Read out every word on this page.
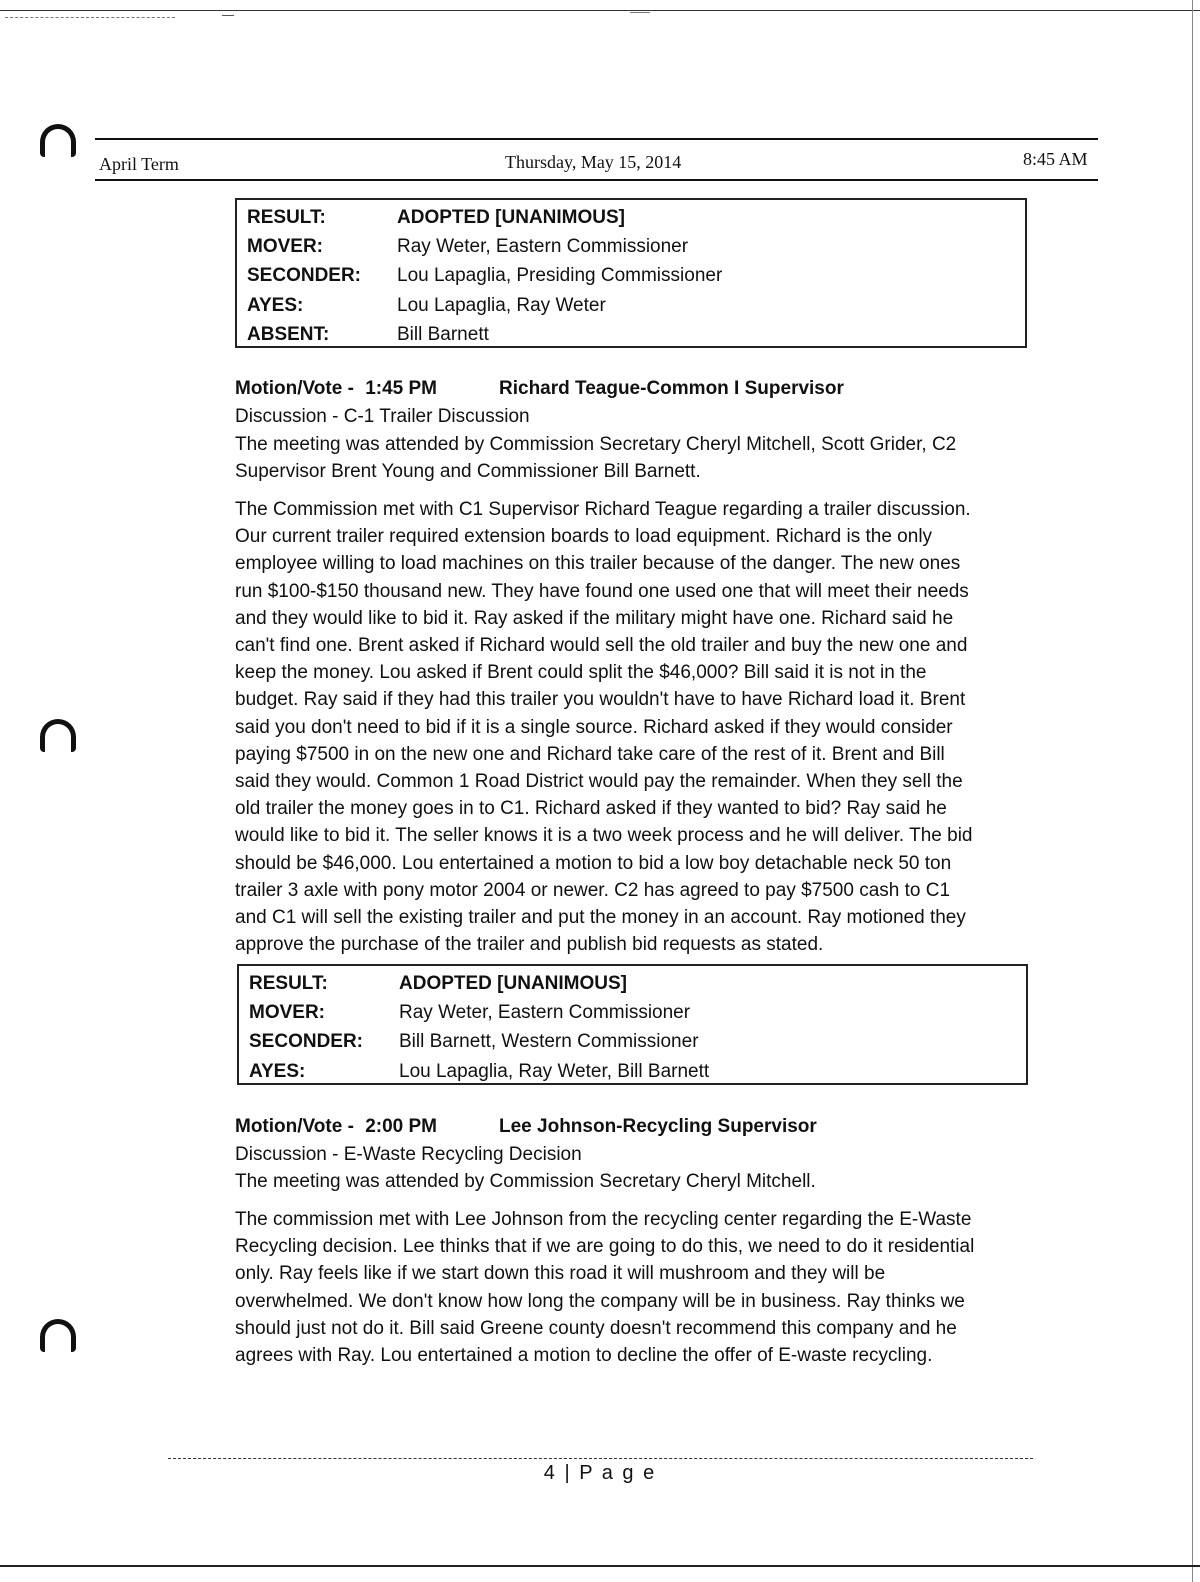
April Term	Thursday, May 15, 2014	8:45 AM
RESULT:	ADOPTED [UNANIMOUS]
MOVER:	Ray Weter, Eastern Commissioner
SECONDER:	Lou Lapaglia, Presiding Commissioner
AYES:	Lou Lapaglia, Ray Weter
ABSENT:	Bill Barnett
Motion/Vote - 1:45 PM	Richard Teague-Common I Supervisor
Discussion - C-1 Trailer Discussion
The meeting was attended by Commission Secretary Cheryl Mitchell, Scott Grider, C2
Supervisor Brent Young and Commissioner Bill Barnett.
The Commission met with C1 Supervisor Richard Teague regarding a trailer discussion.
Our current trailer required extension boards to load equipment. Richard is the only
employee willing to load machines on this trailer because of the danger. The new ones
run $100-$150 thousand new. They have found one used one that will meet their needs
and they would like to bid it. Ray asked if the military might have one. Richard said he
can't find one. Brent asked if Richard would sell the old trailer and buy the new one and
keep the money. Lou asked if Brent could split the $46,000? Bill said it is not in the
budget. Ray said if they had this trailer you wouldn't have to have Richard load it. Brent
said you don't need to bid if it is a single source. Richard asked if they would consider
paying $7500 in on the new one and Richard take care of the rest of it. Brent and Bill
said they would. Common 1 Road District would pay the remainder. When they sell the
old trailer the money goes in to C1. Richard asked if they wanted to bid? Ray said he
would like to bid it. The seller knows it is a two week process and he will deliver. The bid
should be $46,000. Lou entertained a motion to bid a low boy detachable neck 50 ton
trailer 3 axle with pony motor 2004 or newer. C2 has agreed to pay $7500 cash to C1
and C1 will sell the existing trailer and put the money in an account. Ray motioned they
approve the purchase of the trailer and publish bid requests as stated.
RESULT:	ADOPTED [UNANIMOUS]
MOVER:	Ray Weter, Eastern Commissioner
SECONDER:	Bill Barnett, Western Commissioner
AYES:	Lou Lapaglia, Ray Weter, Bill Barnett
Motion/Vote - 2:00 PM	Lee Johnson-Recycling Supervisor
Discussion - E-Waste Recycling Decision
The meeting was attended by Commission Secretary Cheryl Mitchell.
The commission met with Lee Johnson from the recycling center regarding the E-Waste
Recycling decision. Lee thinks that if we are going to do this, we need to do it residential
only. Ray feels like if we start down this road it will mushroom and they will be
overwhelmed. We don't know how long the company will be in business. Ray thinks we
should just not do it. Bill said Greene county doesn't recommend this company and he
agrees with Ray. Lou entertained a motion to decline the offer of E-waste recycling.
4 | P a g e
